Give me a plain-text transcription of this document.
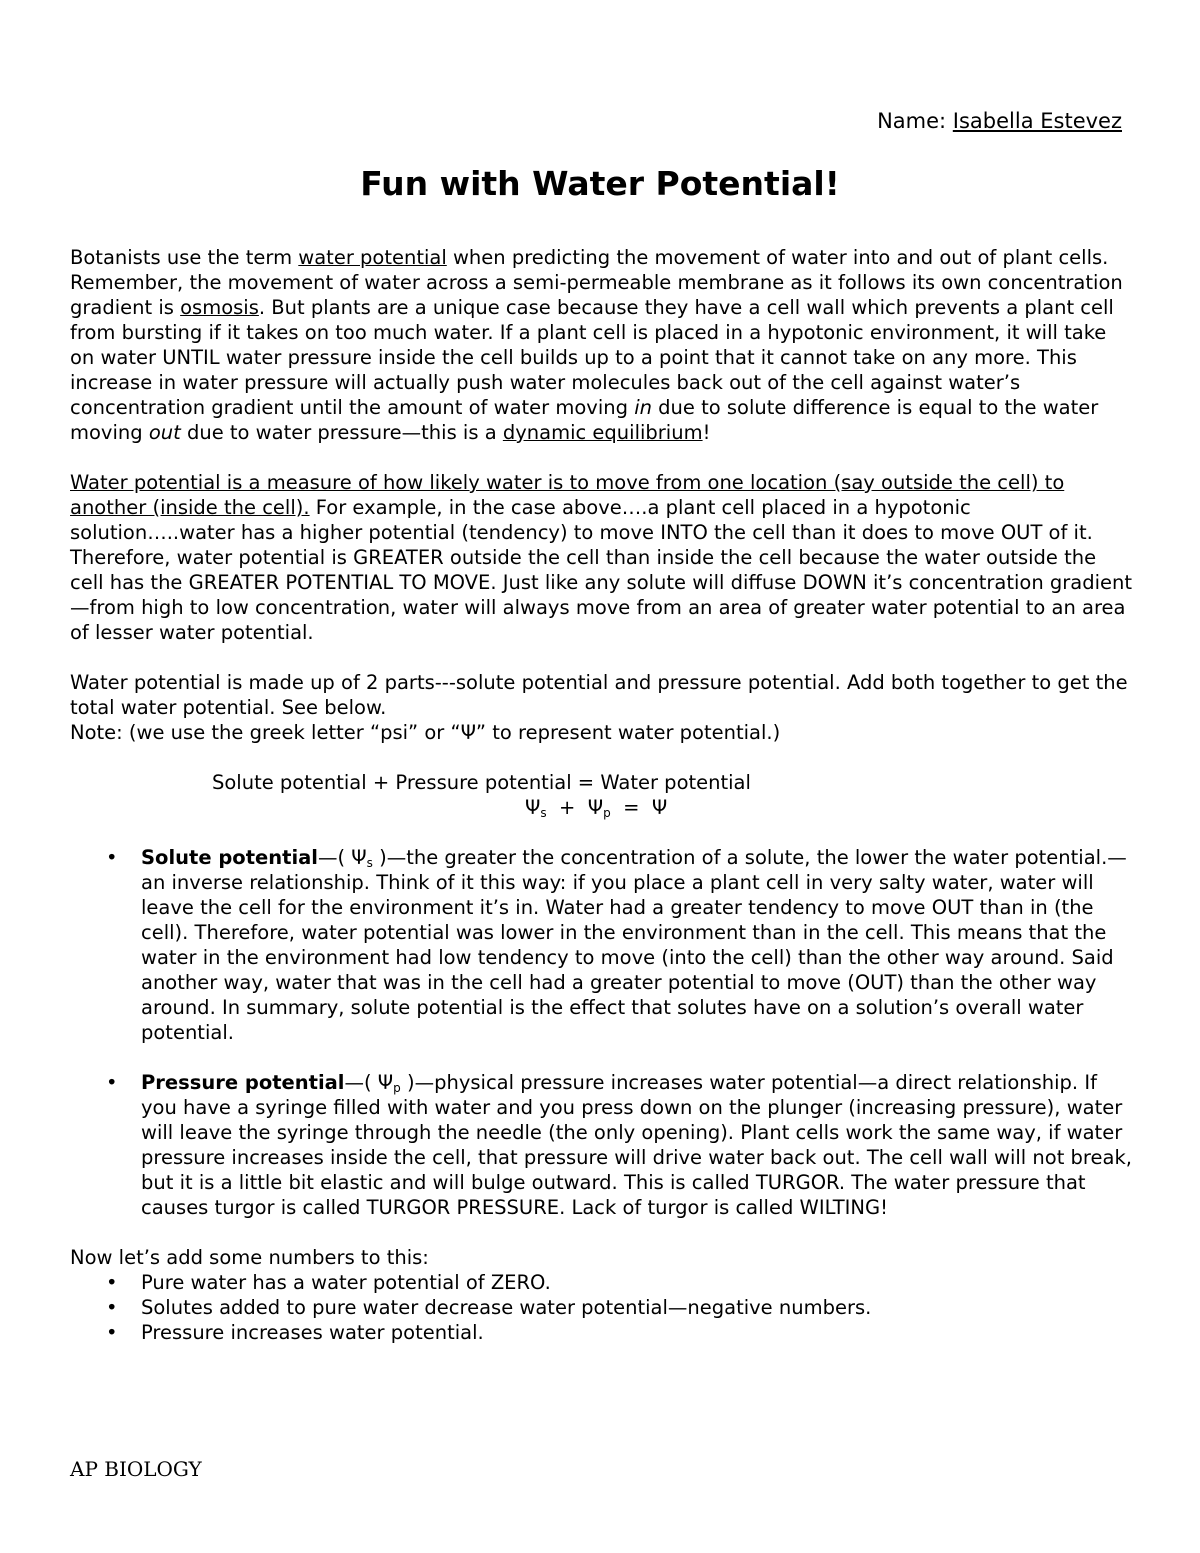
Name: Isabella Estevez
Fun with Water Potential!

Botanists use the term water potential when predicting the movement of water into and out of plant cells. Remember, the movement of water across a semi-permeable membrane as it follows its own concentration gradient is osmosis. But plants are a unique case because they have a cell wall which prevents a plant cell from bursting if it takes on too much water. If a plant cell is placed in a hypotonic environment, it will take on water UNTIL water pressure inside the cell builds up to a point that it cannot take on any more. This increase in water pressure will actually push water molecules back out of the cell against water’s concentration gradient until the amount of water moving in due to solute difference is equal to the water moving out due to water pressure—this is a dynamic equilibrium!

Water potential is a measure of how likely water is to move from one location (say outside the cell) to another (inside the cell). For example, in the case above….a plant cell placed in a hypotonic solution…..water has a higher potential (tendency) to move INTO the cell than it does to move OUT of it. Therefore, water potential is GREATER outside the cell than inside the cell because the water outside the cell has the GREATER POTENTIAL TO MOVE. Just like any solute will diffuse DOWN it’s concentration gradient—from high to low concentration, water will always move from an area of greater water potential to an area of lesser water potential.

Water potential is made up of 2 parts---solute potential and pressure potential. Add both together to get the total water potential. See below.
Note: (we use the greek letter “psi” or “Ψ” to represent water potential.)
Solute potential + Pressure potential = Water potential
$\Psi_s + \Psi_p = \Psi$
• Solute potential—( $\Psi_s$ )—the greater the concentration of a solute, the lower the water potential.—an inverse relationship. Think of it this way: if you place a plant cell in very salty water, water will leave the cell for the environment it’s in. Water had a greater tendency to move OUT than in (the cell). Therefore, water potential was lower in the environment than in the cell. This means that the water in the environment had low tendency to move (into the cell) than the other way around. Said another way, water that was in the cell had a greater potential to move (OUT) than the other way around. In summary, solute potential is the effect that solutes have on a solution’s overall water potential.
• Pressure potential—( $\Psi_p$ )—physical pressure increases water potential—a direct relationship. If you have a syringe filled with water and you press down on the plunger (increasing pressure), water will leave the syringe through the needle (the only opening). Plant cells work the same way, if water pressure increases inside the cell, that pressure will drive water back out. The cell wall will not break, but it is a little bit elastic and will bulge outward. This is called TURGOR. The water pressure that causes turgor is called TURGOR PRESSURE. Lack of turgor is called WILTING!
Now let’s add some numbers to this:
• Pure water has a water potential of ZERO.
• Solutes added to pure water decrease water potential—negative numbers.
• Pressure increases water potential.
AP BIOLOGY
